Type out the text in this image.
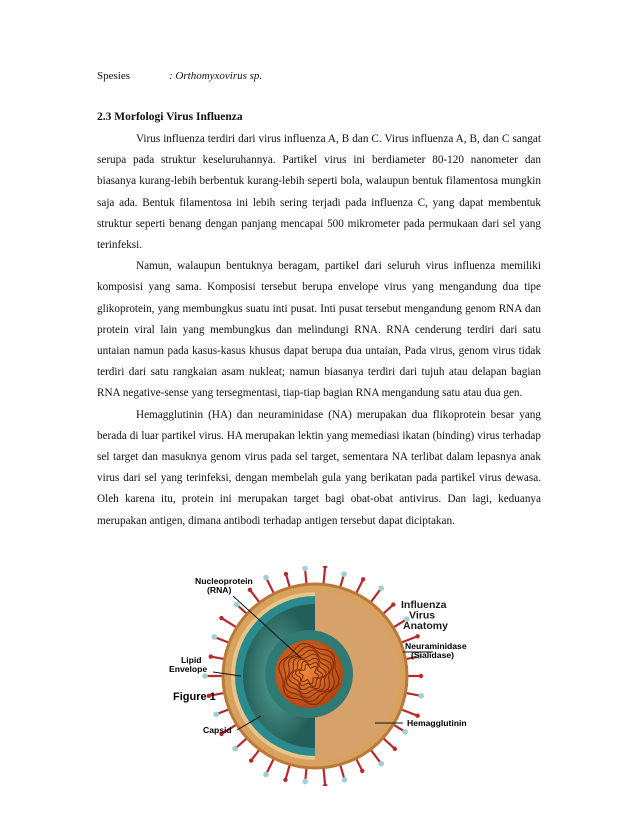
Spesies	: Orthomyxovirus sp.
2.3 Morfologi Virus Influenza

Virus influenza terdiri dari virus influenza A, B dan C. Virus influenza A, B, dan C sangat serupa pada struktur keseluruhannya. Partikel virus ini berdiameter 80-120 nanometer dan biasanya kurang-lebih berbentuk kurang-lebih seperti bola, walaupun bentuk filamentosa mungkin saja ada. Bentuk filamentosa ini lebih sering terjadi pada influenza C, yang dapat membentuk struktur seperti benang dengan panjang mencapai 500 mikrometer pada permukaan dari sel yang terinfeksi.

Namun, walaupun bentuknya beragam, partikel dari seluruh virus influenza memiliki komposisi yang sama. Komposisi tersebut berupa envelope virus yang mengandung dua tipe glikoprotein, yang membungkus suatu inti pusat. Inti pusat tersebut mengandung genom RNA dan protein viral lain yang membungkus dan melindungi RNA. RNA cenderung terdiri dari satu untaian namun pada kasus-kasus khusus dapat berupa dua untaian, Pada virus, genom virus tidak terdiri dari satu rangkaian asam nukleat; namun biasanya terdiri dari tujuh atau delapan bagian RNA negative-sense yang tersegmentasi, tiap-tiap bagian RNA mengandung satu atau dua gen.

Hemagglutinin (HA) dan neuraminidase (NA) merupakan dua flikoprotein besar yang berada di luar partikel virus. HA merupakan lektin yang memediasi ikatan (binding) virus terhadap sel target dan masuknya genom virus pada sel target, sementara NA terlibat dalam lepasnya anak virus dari sel yang terinfeksi, dengan membelah gula yang berikatan pada partikel virus dewasa. Oleh karena itu, protein ini merupakan target bagi obat-obat antivirus. Dan lagi, keduanya merupakan antigen, dimana antibodi terhadap antigen tersebut dapat diciptakan.

Nucleoprotein (RNA)
Lipid Envelope
Figure 1
Capsid
Influenza Virus Anatomy
Neuraminidase (Sialidase)
Hemagglutinin
